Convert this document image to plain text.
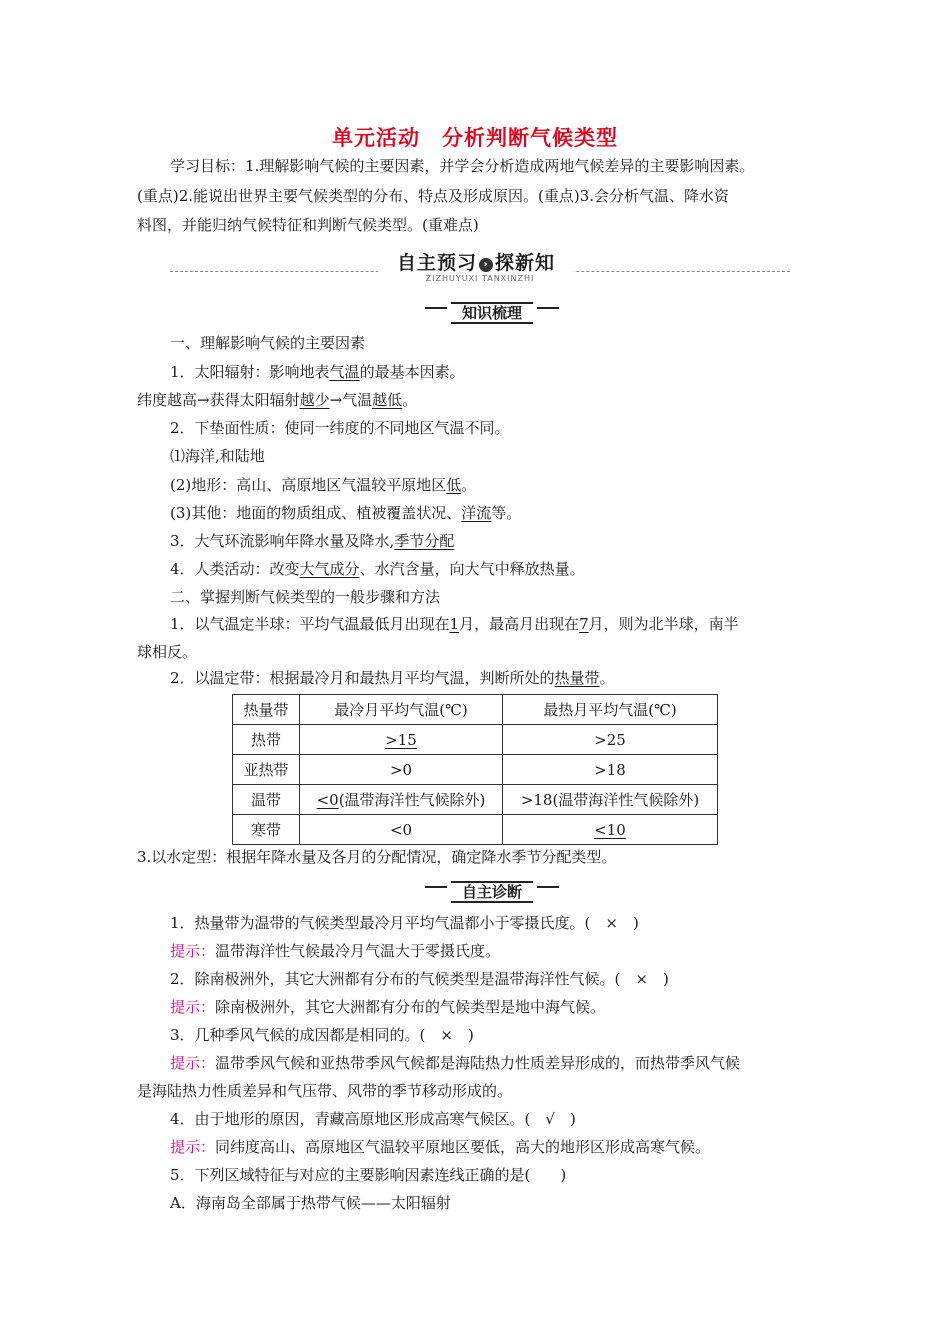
单元活动　分析判断气候类型
学习目标：1.理解影响气候的主要因素，并学会分析造成两地气候差异的主要影响因素。
(重点)2.能说出世界主要气候类型的分布、特点及形成原因。(重点)3.会分析气温、降水资
料图，并能归纳气候特征和判断气候类型。(重难点)
自主预习 › 探新知
ZIZHUYUXI TANXINZHI
知识梳理
一、理解影响气候的主要因素
1．太阳辐射：影响地表气温的最基本因素。
纬度越高→获得太阳辐射越少→气温越低。
2．下垫面性质：使同一纬度的不同地区气温不同。
⑴海洋,和陆地
(2)地形：高山、高原地区气温较平原地区低。
(3)其他：地面的物质组成、植被覆盖状况、洋流等。
3．大气环流影响年降水量及降水,季节分配
4．人类活动：改变大气成分、水汽含量，向大气中释放热量。
二、掌握判断气候类型的一般步骤和方法
1．以气温定半球：平均气温最低月出现在1月，最高月出现在7月，则为北半球，南半
球相反。
2．以温定带：根据最冷月和最热月平均气温，判断所处的热量带。
热量带	最冷月平均气温(℃)	最热月平均气温(℃)
热带	>15	>25
亚热带	>0	>18
温带	<0(温带海洋性气候除外)	>18(温带海洋性气候除外)
寒带	<0	<10
3.以水定型：根据年降水量及各月的分配情况，确定降水季节分配类型。
自主诊断
1．热量带为温带的气候类型最冷月平均气温都小于零摄氏度。(　×　)
提示：温带海洋性气候最冷月气温大于零摄氏度。
2．除南极洲外，其它大洲都有分布的气候类型是温带海洋性气候。(　×　)
提示：除南极洲外，其它大洲都有分布的气候类型是地中海气候。
3．几种季风气候的成因都是相同的。(　×　)
提示：温带季风气候和亚热带季风气候都是海陆热力性质差异形成的，而热带季风气候
是海陆热力性质差异和气压带、风带的季节移动形成的。
4．由于地形的原因，青藏高原地区形成高寒气候区。(　√　)
提示：同纬度高山、高原地区气温较平原地区要低，高大的地形区形成高寒气候。
5．下列区域特征与对应的主要影响因素连线正确的是(　　)
A．海南岛全部属于热带气候——太阳辐射
